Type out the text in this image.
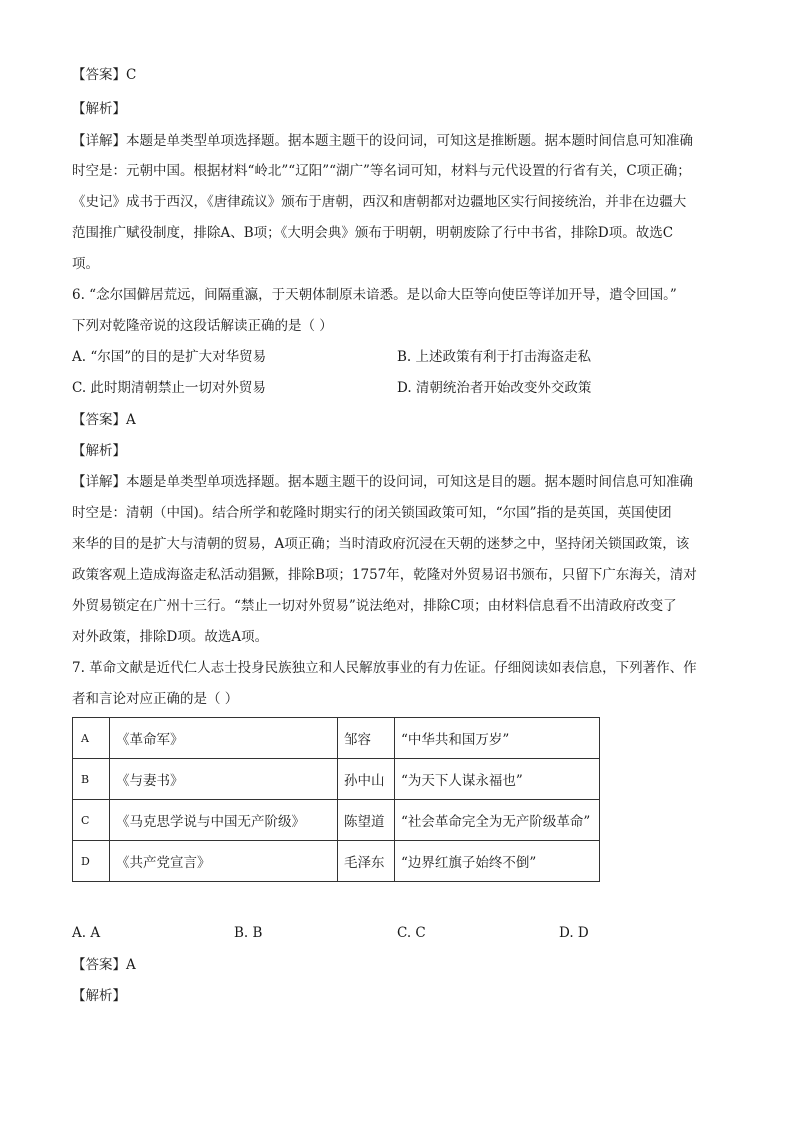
【答案】C
【解析】
【详解】本题是单类型单项选择题。据本题主题干的设问词，可知这是推断题。据本题时间信息可知准确
时空是：元朝中国。根据材料“岭北”“辽阳”“湖广”等名词可知，材料与元代设置的行省有关，C项正确；
《史记》成书于西汉，《唐律疏议》颁布于唐朝，西汉和唐朝都对边疆地区实行间接统治，并非在边疆大
范围推广赋役制度，排除A、B项；《大明会典》颁布于明朝，明朝废除了行中书省，排除D项。故选C
项。
6. “念尔国僻居荒远，间隔重瀛，于天朝体制原未谙悉。是以命大臣等向使臣等详加开导，遣令回国。”
下列对乾隆帝说的这段话解读正确的是（ ）
A. “尔国”的目的是扩大对华贸易	B. 上述政策有利于打击海盗走私
C. 此时期清朝禁止一切对外贸易	D. 清朝统治者开始改变外交政策
【答案】A
【解析】
【详解】本题是单类型单项选择题。据本题主题干的设问词，可知这是目的题。据本题时间信息可知准确
时空是：清朝（中国)。结合所学和乾隆时期实行的闭关锁国政策可知，“尔国”指的是英国，英国使团
来华的目的是扩大与清朝的贸易，A项正确；当时清政府沉浸在天朝的迷梦之中，坚持闭关锁国政策，该
政策客观上造成海盗走私活动猖獗，排除B项；1757年，乾隆对外贸易诏书颁布，只留下广东海关，清对
外贸易锁定在广州十三行。“禁止一切对外贸易”说法绝对，排除C项；由材料信息看不出清政府改变了
对外政策，排除D项。故选A项。
7. 革命文献是近代仁人志士投身民族独立和人民解放事业的有力佐证。仔细阅读如表信息，下列著作、作
者和言论对应正确的是（ ）
A	《革命军》	邹容	“中华共和国万岁”
B	《与妻书》	孙中山	“为天下人谋永福也”
C	《马克思学说与中国无产阶级》	陈望道	“社会革命完全为无产阶级革命”
D	《共产党宣言》	毛泽东	“边界红旗子始终不倒”
A. A	B. B	C. C	D. D
【答案】A
【解析】
